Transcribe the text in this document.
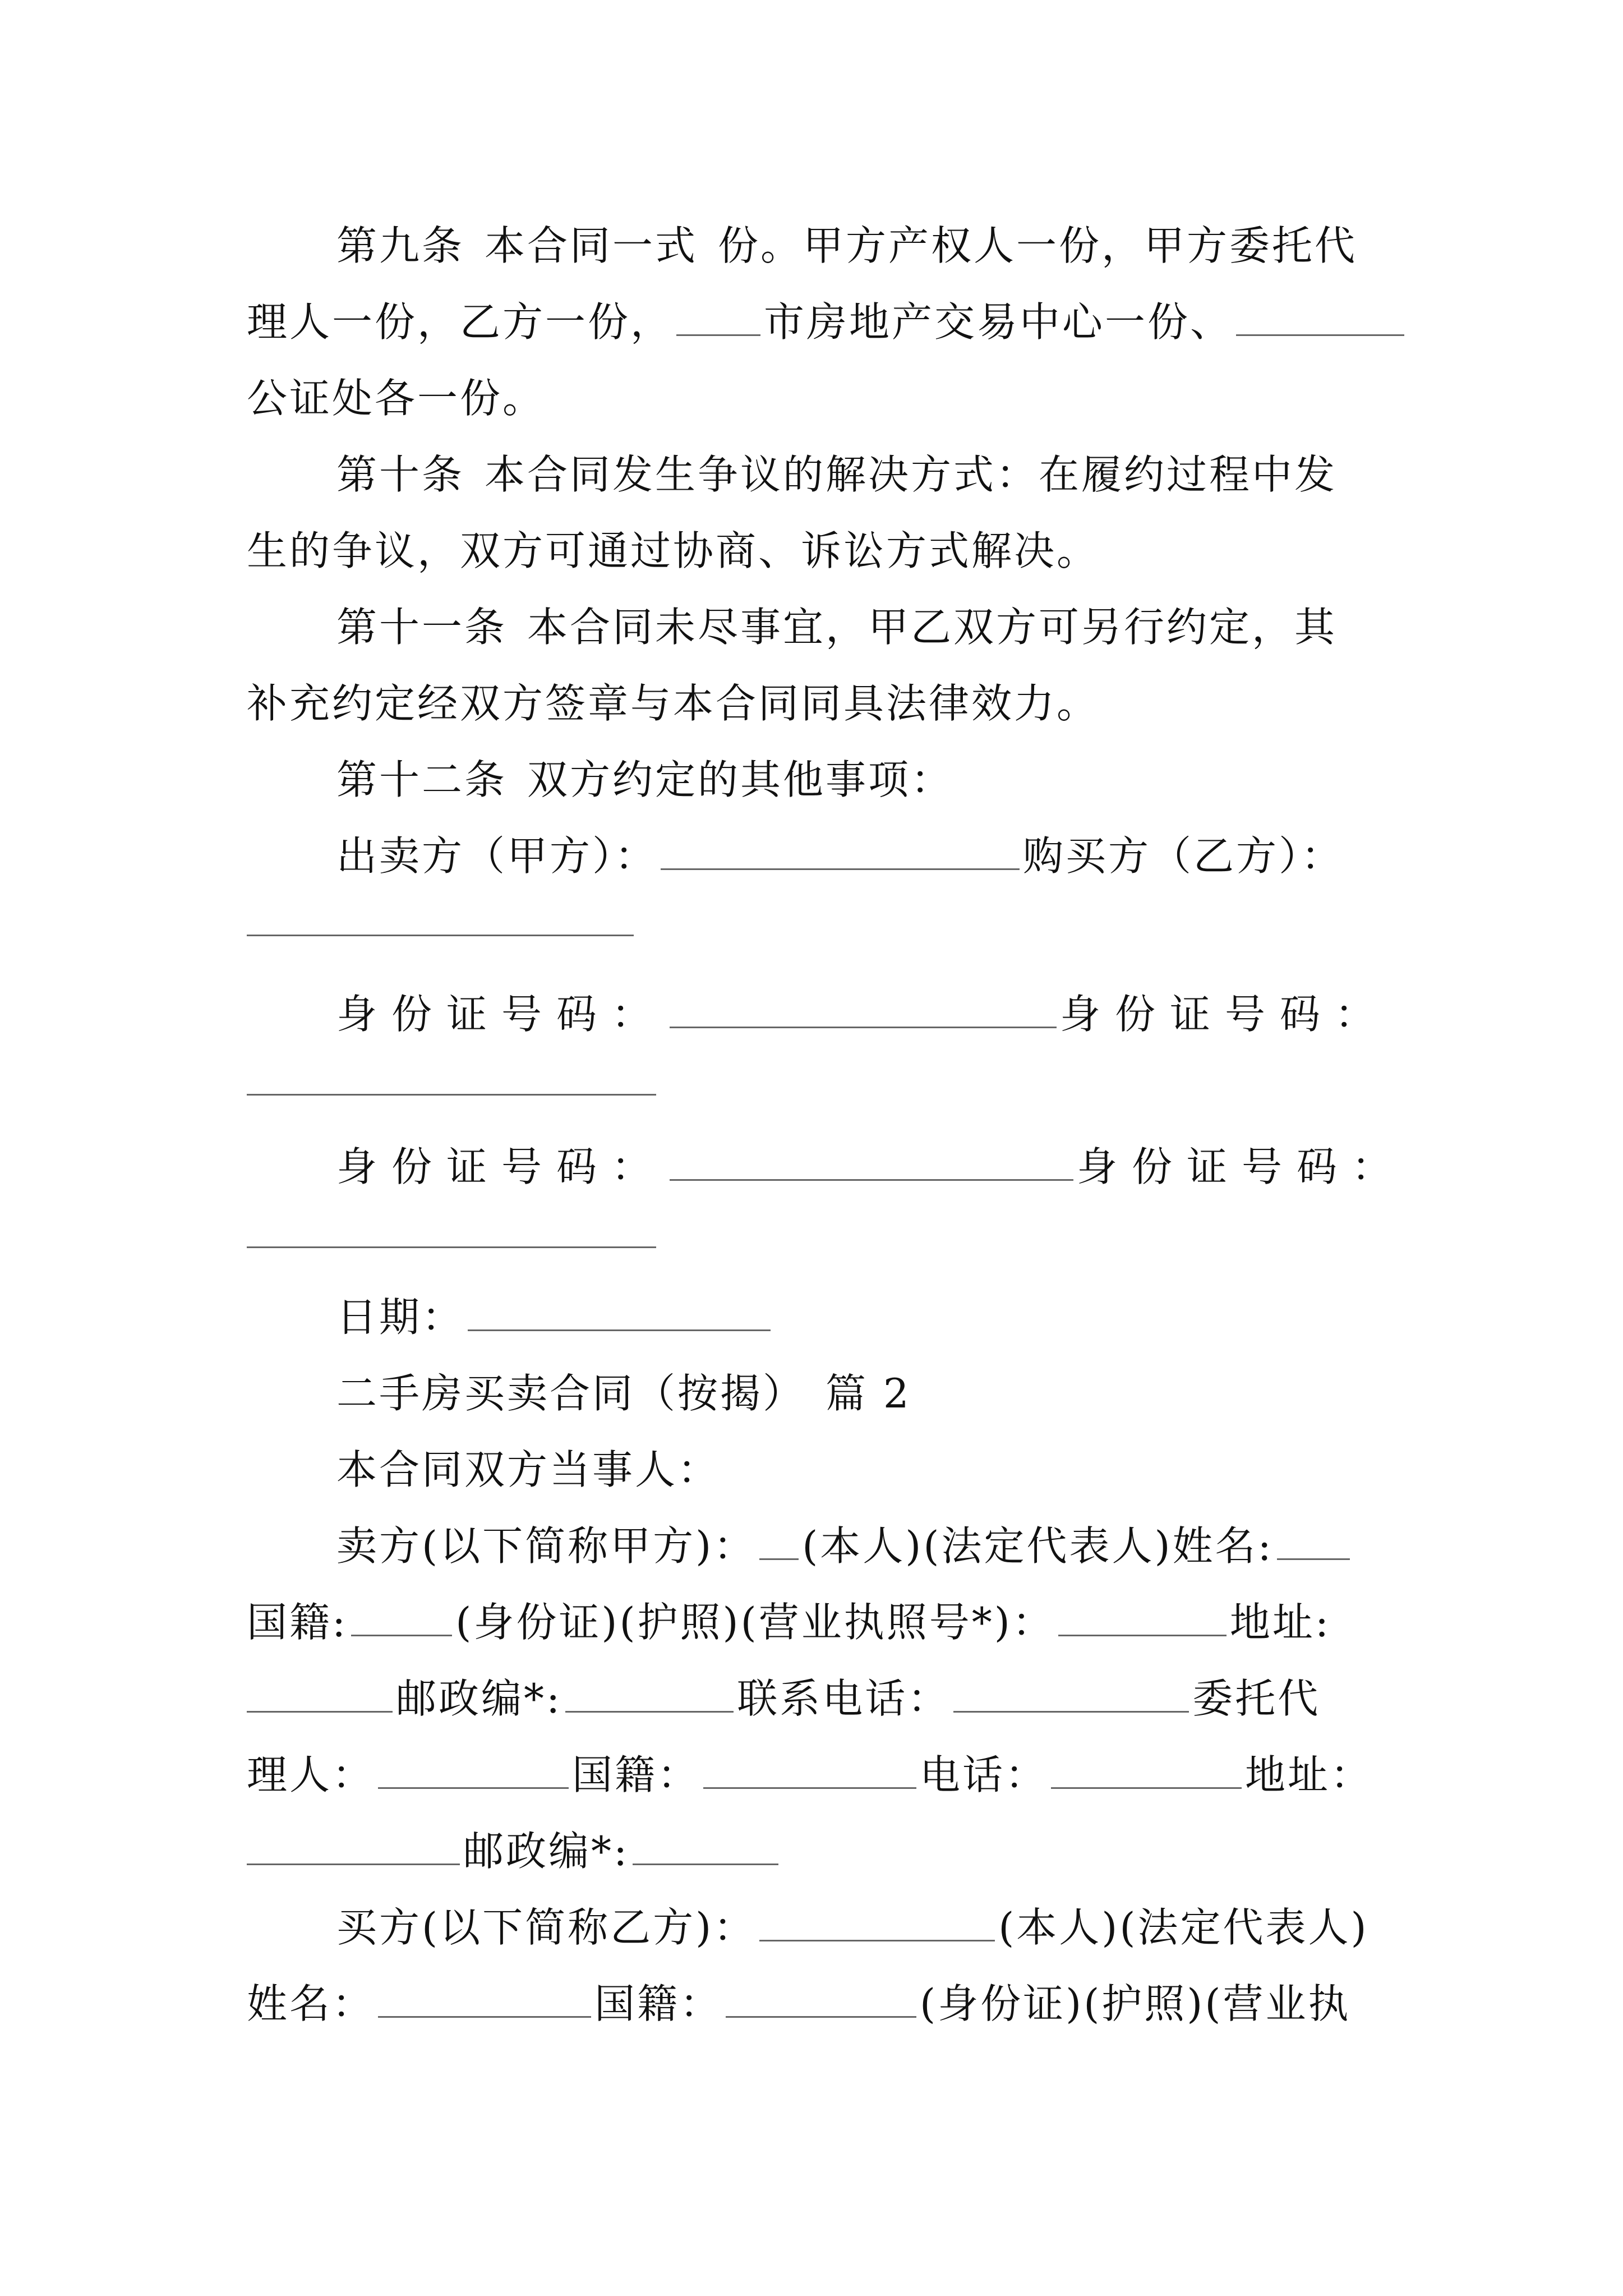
第九条 本合同一式 份。甲方产权人一份，甲方委托代
理人一份，乙方一份， 市房地产交易中心一份、
公证处各一份。
第十条 本合同发生争议的解决方式：在履约过程中发
生的争议，双方可通过协商、诉讼方式解决。
第十一条 本合同未尽事宜，甲乙双方可另行约定，其
补充约定经双方签章与本合同同具法律效力。
第十二条 双方约定的其他事项：
出卖方（甲方）：	购买方（乙方）：
身份证号码：	身份证号码：
身份证号码：	身份证号码：
日期：
二手房买卖合同（按揭） 篇 2
本合同双方当事人：
卖方(以下简称甲方)： (本人)(法定代表人)姓名:
国籍:	(身份证)(护照)(营业执照号*)：	地址:
邮政编*:	联系电话：	委托代
理人：	国籍：	电话：	地址：
邮政编*:
买方(以下简称乙方)：	(本人)(法定代表人)
姓名：	国籍：	(身份证)(护照)(营业执
